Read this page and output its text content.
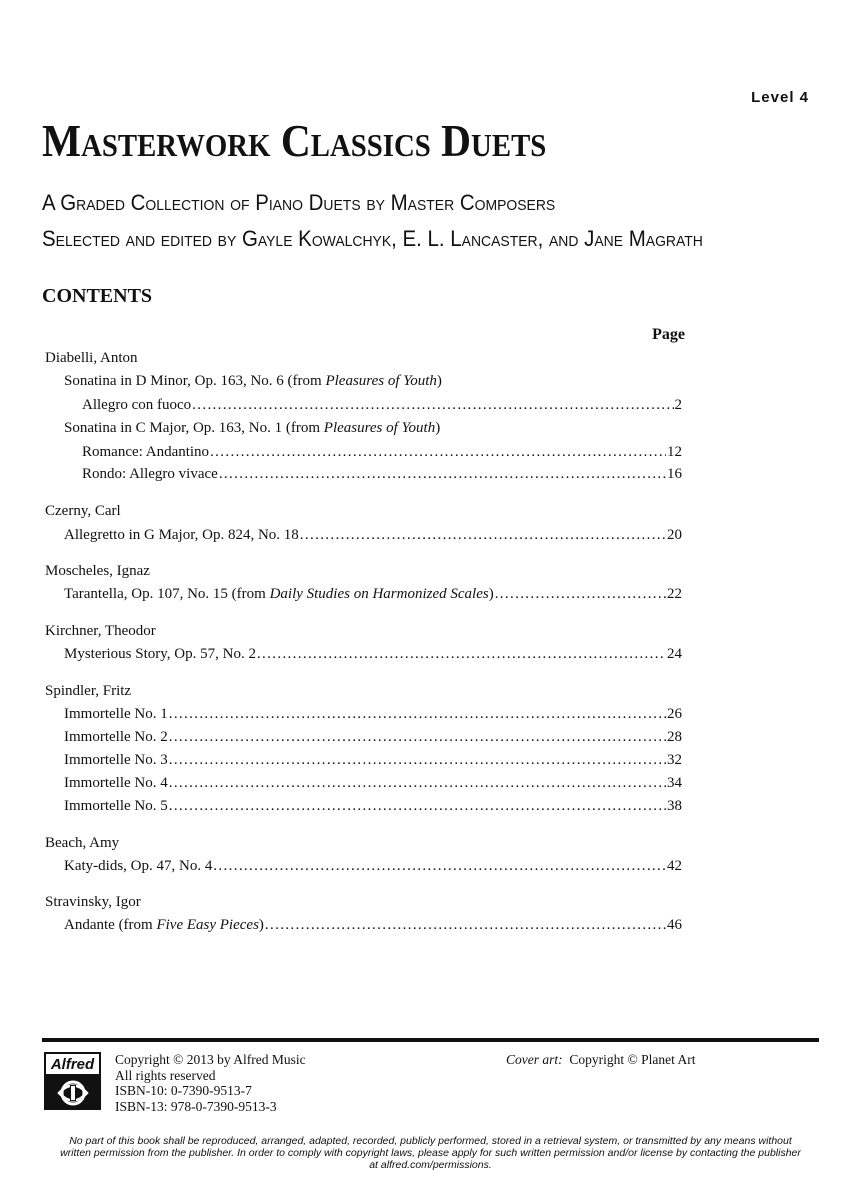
Level 4
Masterwork Classics Duets
A Graded Collection of Piano Duets by Master Composers
Selected and edited by Gayle Kowalchyk, E. L. Lancaster, and Jane Magrath
CONTENTS
Page
Diabelli, Anton
Sonatina in D Minor, Op. 163, No. 6 (from Pleasures of Youth)
Allegro con fuoco . . .	2
Sonatina in C Major, Op. 163, No. 1 (from Pleasures of Youth)
Romance: Andantino . . .	12
Rondo: Allegro vivace . . .	16
Czerny, Carl
Allegretto in G Major, Op. 824, No. 18 . . .	20
Moscheles, Ignaz
Tarantella, Op. 107, No. 15 (from Daily Studies on Harmonized Scales) . . .	22
Kirchner, Theodor
Mysterious Story, Op. 57, No. 2 . . .	24
Spindler, Fritz
Immortelle No. 1 . . .	26
Immortelle No. 2 . . .	28
Immortelle No. 3 . . .	32
Immortelle No. 4 . . .	34
Immortelle No. 5 . . .	38
Beach, Amy
Katy-dids, Op. 47, No. 4 . . .	42
Stravinsky, Igor
Andante (from Five Easy Pieces) . . .	46
Alfred	Copyright © 2013 by Alfred Music
All rights reserved
ISBN-10: 0-7390-9513-7
ISBN-13: 978-0-7390-9513-3
Cover art: Copyright © Planet Art
No part of this book shall be reproduced, arranged, adapted, recorded, publicly performed, stored in a retrieval system, or transmitted by any means without written permission from the publisher. In order to comply with copyright laws, please apply for such written permission and/or license by contacting the publisher at alfred.com/permissions.
